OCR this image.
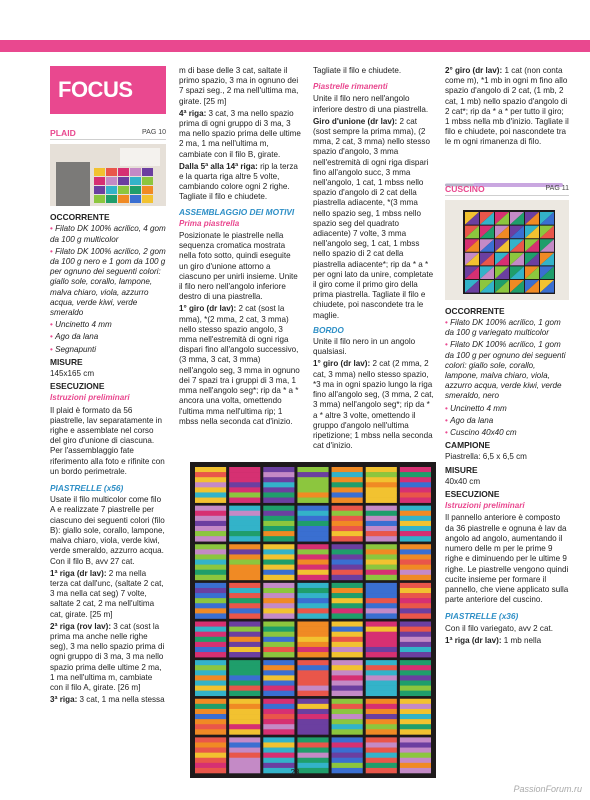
FOCUS
PLAID	PAG 10

OCCORRENTE

• Filato DK 100% acrilico, 4 gom da 100 g multicolor

• Filato DK 100% acrilico, 2 gom da 100 g nero e 1 gom da 100 g per ognuno dei seguenti colori: giallo sole, corallo, lampone, malva chiaro, viola, azzurro acqua, verde kiwi, verde smeraldo

• Uncinetto 4 mm

• Ago da lana

• Segnapunti

MISURE

145x165 cm

ESECUZIONE

Istruzioni preliminari

Il plaid è formato da 56 piastrelle, lav separatamente in righe e assemblate nel corso del giro d'unione di ciascuna. Per l'assemblaggio fate riferimento alla foto e rifinite con un bordo perimetrale.

PIASTRELLE (x56)

Usate il filo multicolor come filo A e realizzate 7 piastrelle per ciascuno dei seguenti colori (filo B): giallo sole, corallo, lampone, malva chiaro, viola, verde kiwi, verde smeraldo, azzurro acqua. Con il filo B, avv 27 cat.

1ª riga (dr lav): 2 ma nella terza cat dall'unc, (saltate 2 cat, 3 ma nella cat seg) 7 volte, saltate 2 cat, 2 ma nell'ultima cat, girate. [25 m]

2ª riga (rov lav): 3 cat (sost la prima ma anche nelle righe seg), 3 ma nello spazio prima di ogni gruppo di 3 ma, 3 ma nello spazio prima delle ultime 2 ma, 1 ma nell'ultima m, cambiate con il filo A, girate. [26 m]

3ª riga: 3 cat, 1 ma nella stessa

m di base delle 3 cat, saltate il primo spazio, 3 ma in ognuno dei 7 spazi seg., 2 ma nell'ultima ma, girate. [25 m]

4ª riga: 3 cat, 3 ma nello spazio prima di ogni gruppo di 3 ma, 3 ma nello spazio prima delle ultime 2 ma, 1 ma nell'ultima m, cambiate con il filo B, girate.

Dalla 5ª alla 14ª riga: rip la terza e la quarta riga altre 5 volte, cambiando colore ogni 2 righe. Tagliate il filo e chiudete.

ASSEMBLAGGIO DEI MOTIVI

Prima piastrella

Posizionate le piastrelle nella sequenza cromatica mostrata nella foto sotto, quindi eseguite un giro d'unione attorno a ciascuno per unirli insieme. Unite il filo nero nell'angolo inferiore destro di una piastrella.

1° giro (dr lav): 2 cat (sost la mma), *(2 mma, 2 cat, 3 mma) nello stesso spazio angolo, 3 mma nell'estremità di ogni riga dispari fino all'angolo successivo, (3 mma, 3 cat, 3 mma) nell'angolo seg, 3 mma in ognuno dei 7 spazi tra i gruppi di 3 ma, 1 mma nell'angolo seg*; rip da * a * ancora una volta, omettendo l'ultima mma nell'ultima rip; 1 mbss nella seconda cat d'inizio.

Tagliate il filo e chiudete.

Piastrelle rimanenti

Unite il filo nero nell'angolo inferiore destro di una piastrella.

Giro d'unione (dr lav): 2 cat (sost sempre la prima mma), (2 mma, 2 cat, 3 mma) nello stesso spazio d'angolo, 3 mma nell'estremità di ogni riga dispari fino all'angolo succ, 3 mma nell'angolo, 1 cat, 1 mbss nello spazio d'angolo di 2 cat della piastrella adiacente, *(3 mma nello spazio seg, 1 mbss nello spazio seg del quadrato adiacente) 7 volte, 3 mma nell'angolo seg, 1 cat, 1 mbss nello spazio di 2 cat della piastrella adiacente*; rip da * a * per ogni lato da unire, completate il giro come il primo giro della prima piastrella. Tagliate il filo e chiudete, poi nascondete tra le maglie.

BORDO

Unite il filo nero in un angolo qualsiasi.

1° giro (dr lav): 2 cat (2 mma, 2 cat, 3 mma) nello stesso spazio, *3 ma in ogni spazio lungo la riga fino all'angolo seg, (3 mma, 2 cat, 3 mma) nell'angolo seg*; rip da * a * altre 3 volte, omettendo il gruppo d'angolo nell'ultima ripetizione; 1 mbss nella seconda cat d'inizio.

2° giro (dr lav): 1 cat (non conta come m), *1 mb in ogni m fino allo spazio d'angolo di 2 cat, (1 mb, 2 cat, 1 mb) nello spazio d'angolo di 2 cat*; rip da * a * per tutto il giro; 1 mbss nella mb d'inizio. Tagliate il filo e chiudete, poi nascondete tra le m ogni rimanenza di filo.

CUSCINO	PAG 11

OCCORRENTE

• Filato DK 100% acrilico, 1 gom da 100 g variegato multicolor

• Filato DK 100% acrilico, 1 gom da 100 g per ognuno dei seguenti colori: giallo sole, corallo, lampone, malva chiaro, viola, azzurro acqua, verde kiwi, verde smeraldo, nero

• Uncinetto 4 mm

• Ago da lana

• Cuscino 40x40 cm

CAMPIONE

Piastrella: 6,5 x 6,5 cm

MISURE

40x40 cm

ESECUZIONE

Istruzioni preliminari

Il pannello anteriore è composto da 36 piastrelle e ognuna è lav da angolo ad angolo, aumentando il numero delle m per le prime 9 righe e diminuendo per le ultime 9 righe. Le piastrelle vengono quindi cucite insieme per formare il pannello, che viene applicato sulla parte anteriore del cuscino.

PIASTRELLE (x36)

Con il filo variegato, avv 2 cat.

1ª riga (dr lav): 1 mb nella

28
PassionForum.ru
